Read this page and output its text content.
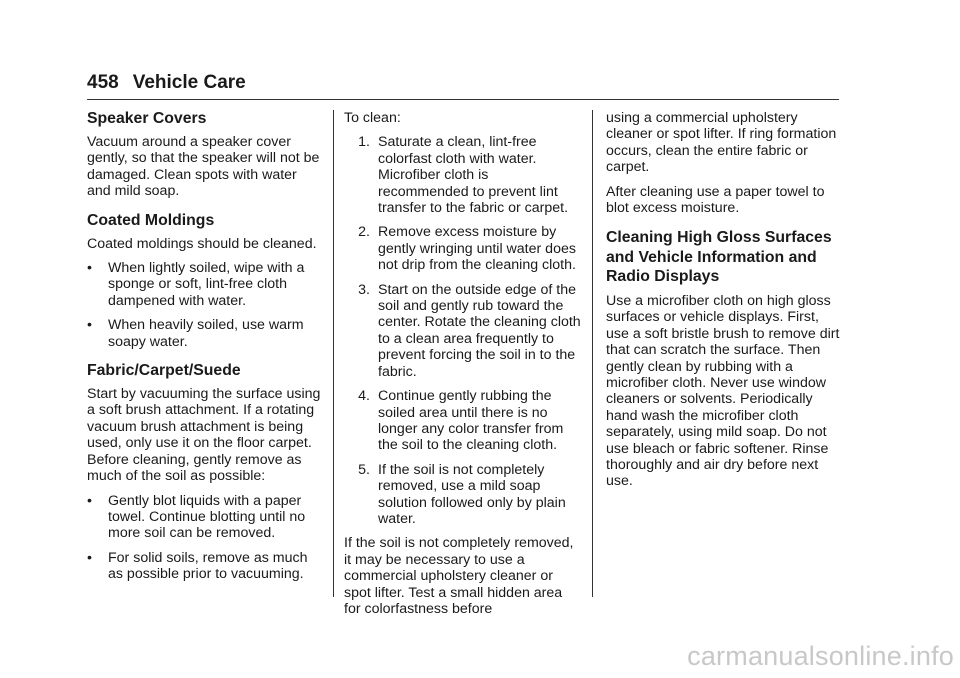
458 Vehicle Care
Speaker Covers

Vacuum around a speaker cover gently, so that the speaker will not be damaged. Clean spots with water and mild soap.

Coated Moldings

Coated moldings should be cleaned.

•	When lightly soiled, wipe with a sponge or soft, lint-free cloth dampened with water.
•	When heavily soiled, use warm soapy water.
Fabric/Carpet/Suede

Start by vacuuming the surface using a soft brush attachment. If a rotating vacuum brush attachment is being used, only use it on the floor carpet. Before cleaning, gently remove as much of the soil as possible:

•	Gently blot liquids with a paper towel. Continue blotting until no more soil can be removed.
•	For solid soils, remove as much as possible prior to vacuuming.

To clean:

1. Saturate a clean, lint-free colorfast cloth with water. Microfiber cloth is recommended to prevent lint transfer to the fabric or carpet.
2. Remove excess moisture by gently wringing until water does not drip from the cleaning cloth.
3. Start on the outside edge of the soil and gently rub toward the center. Rotate the cleaning cloth to a clean area frequently to prevent forcing the soil in to the fabric.
4. Continue gently rubbing the soiled area until there is no longer any color transfer from the soil to the cleaning cloth.
5. If the soil is not completely removed, use a mild soap solution followed only by plain water.

If the soil is not completely removed, it may be necessary to use a commercial upholstery cleaner or spot lifter. Test a small hidden area for colorfastness before

using a commercial upholstery cleaner or spot lifter. If ring formation occurs, clean the entire fabric or carpet.

After cleaning use a paper towel to blot excess moisture.

Cleaning High Gloss Surfaces and Vehicle Information and Radio Displays

Use a microfiber cloth on high gloss surfaces or vehicle displays. First, use a soft bristle brush to remove dirt that can scratch the surface. Then gently clean by rubbing with a microfiber cloth. Never use window cleaners or solvents. Periodically hand wash the microfiber cloth separately, using mild soap. Do not use bleach or fabric softener. Rinse thoroughly and air dry before next use.

carmanualsonline.info
